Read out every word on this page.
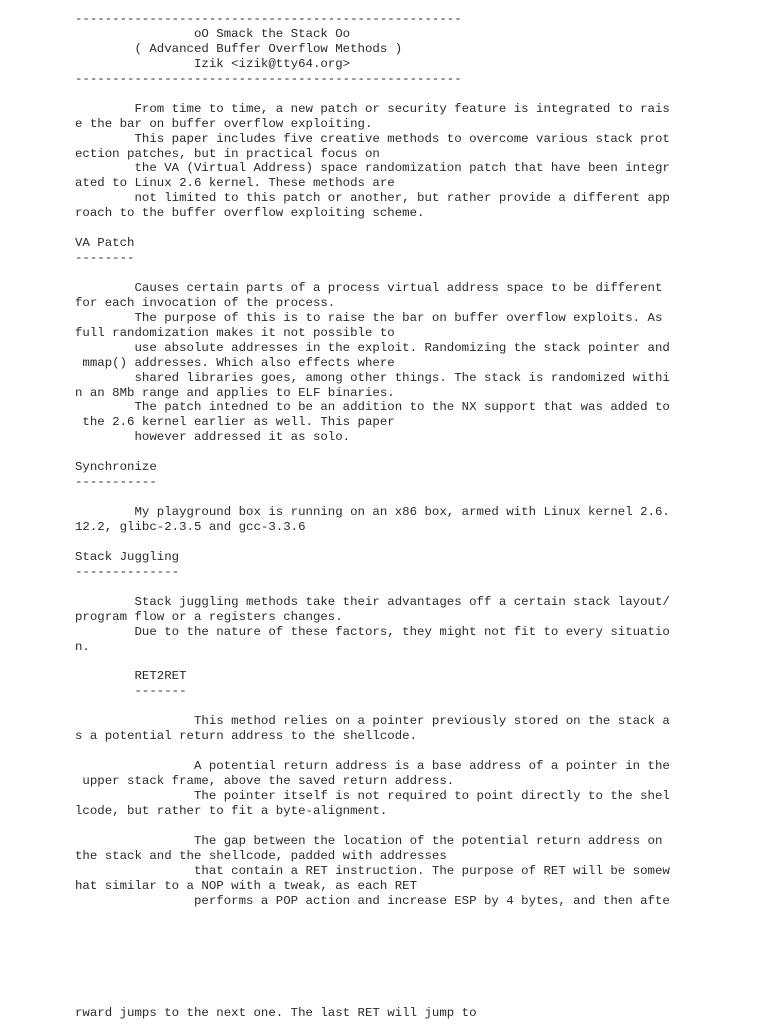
----------------------------------------------------
oO Smack the Stack Oo
( Advanced Buffer Overflow Methods )
Izik <izik@tty64.org>
----------------------------------------------------
From time to time, a new patch or security feature is integrated to rais
e the bar on buffer overflow exploiting.
This paper includes five creative methods to overcome various stack prot
ection patches, but in practical focus on
the VA (Virtual Address) space randomization patch that have been integr
ated to Linux 2.6 kernel. These methods are
not limited to this patch or another, but rather provide a different app
roach to the buffer overflow exploiting scheme.
VA Patch
--------
Causes certain parts of a process virtual address space to be different
for each invocation of the process.
The purpose of this is to raise the bar on buffer overflow exploits. As
full randomization makes it not possible to
use absolute addresses in the exploit. Randomizing the stack pointer and
mmap() addresses. Which also effects where
shared libraries goes, among other things. The stack is randomized withi
n an 8Mb range and applies to ELF binaries.
The patch intedned to be an addition to the NX support that was added to
the 2.6 kernel earlier as well. This paper
however addressed it as solo.
Synchronize
-----------
My playground box is running on an x86 box, armed with Linux kernel 2.6.
12.2, glibc-2.3.5 and gcc-3.3.6
Stack Juggling
--------------
Stack juggling methods take their advantages off a certain stack layout/
program flow or a registers changes.
Due to the nature of these factors, they might not fit to every situatio
n.
RET2RET
-------
This method relies on a pointer previously stored on the stack a
s a potential return address to the shellcode.
A potential return address is a base address of a pointer in the
upper stack frame, above the saved return address.
The pointer itself is not required to point directly to the shel
lcode, but rather to fit a byte-alignment.
The gap between the location of the potential return address on
the stack and the shellcode, padded with addresses
that contain a RET instruction. The purpose of RET will be somew
hat similar to a NOP with a tweak, as each RET
performs a POP action and increase ESP by 4 bytes, and then afte
rward jumps to the next one. The last RET will jump to
